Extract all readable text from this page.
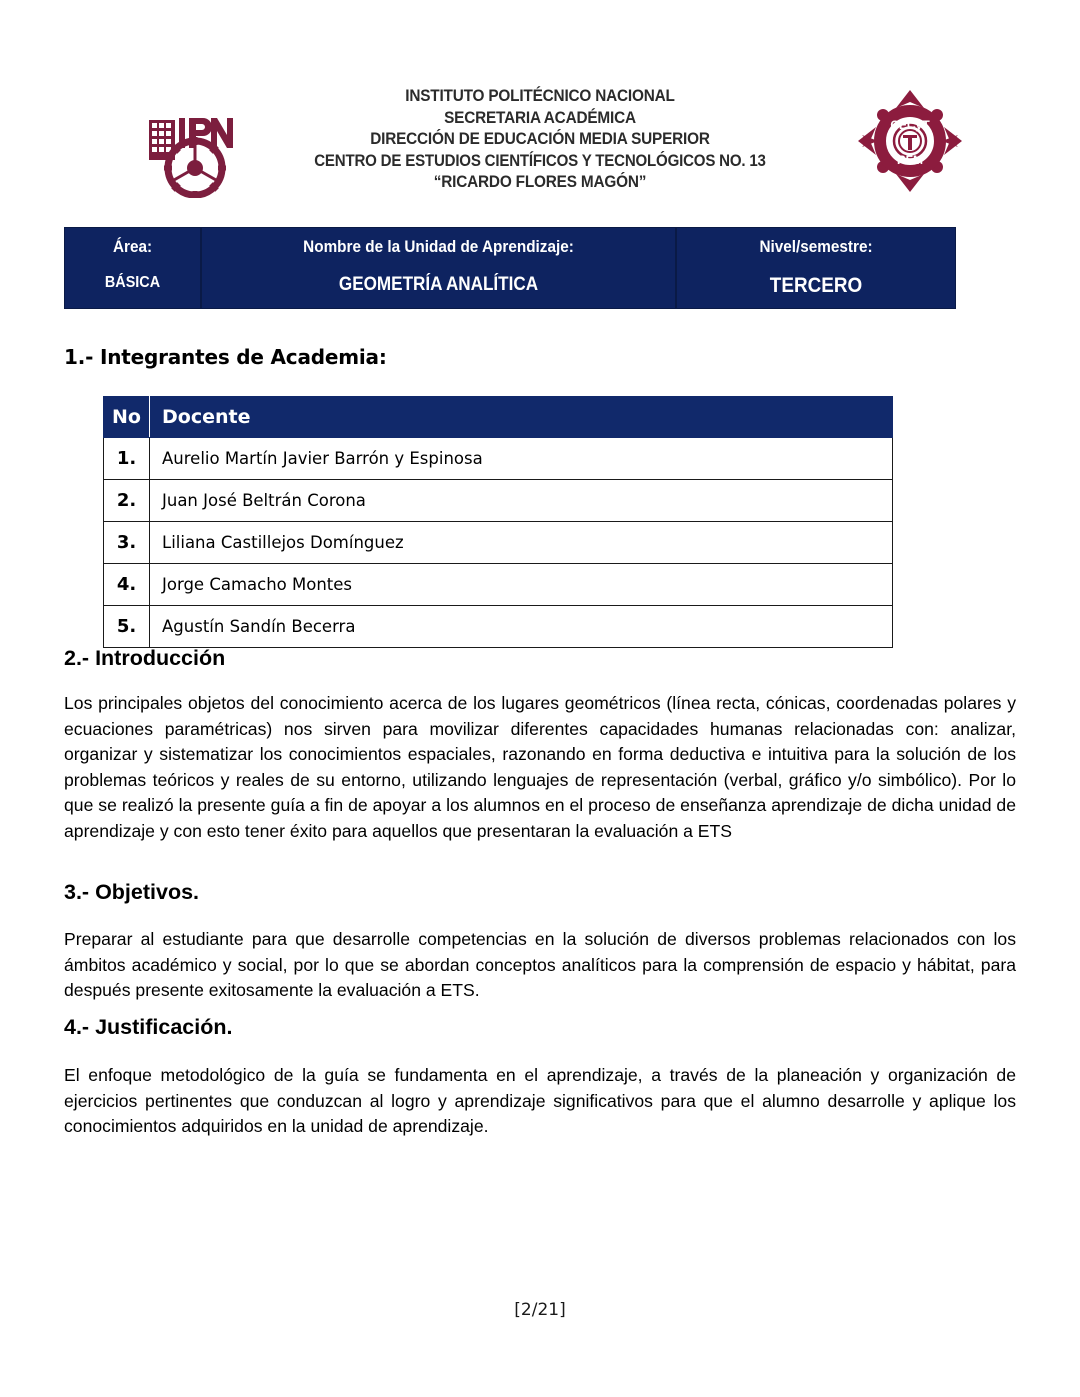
INSTITUTO POLITÉCNICO NACIONAL
SECRETARIA ACADÉMICA
DIRECCIÓN DE EDUCACIÓN MEDIA SUPERIOR
CENTRO DE ESTUDIOS CIENTÍFICOS Y TECNOLÓGICOS NO. 13
“RICARDO FLORES MAGÓN”
CECyT
RFM
Área:
BÁSICA
Nombre de la Unidad de Aprendizaje:
GEOMETRÍA ANALÍTICA
Nivel/semestre:
TERCERO
1.- Integrantes de Academia:
No	Docente
1.	Aurelio Martín Javier Barrón y Espinosa
2.	Juan José Beltrán Corona
3.	Liliana Castillejos Domínguez
4.	Jorge Camacho Montes
5.	Agustín Sandín Becerra
2.- Introducción
Los principales objetos del conocimiento acerca de los lugares geométricos (línea recta, cónicas, coordenadas polares y ecuaciones paramétricas) nos sirven para movilizar diferentes capacidades humanas relacionadas con: analizar, organizar y sistematizar los conocimientos espaciales, razonando en forma deductiva e intuitiva para la solución de los problemas teóricos y reales de su entorno, utilizando lenguajes de representación (verbal, gráfico y/o simbólico). Por lo que se realizó la presente guía a fin de apoyar a los alumnos en el proceso de enseñanza aprendizaje de dicha unidad de aprendizaje y con esto tener éxito para aquellos que presentaran la evaluación a ETS
3.- Objetivos.
Preparar al estudiante para que desarrolle competencias en la solución de diversos problemas relacionados con los ámbitos académico y social, por lo que se abordan conceptos analíticos para la comprensión de espacio y hábitat, para después presente exitosamente la evaluación a ETS.
4.- Justificación.
El enfoque metodológico de la guía se fundamenta en el aprendizaje, a través de la planeación y organización de ejercicios pertinentes que conduzcan al logro y aprendizaje significativos para que el alumno desarrolle y aplique los conocimientos adquiridos en la unidad de aprendizaje.
[2/21]
